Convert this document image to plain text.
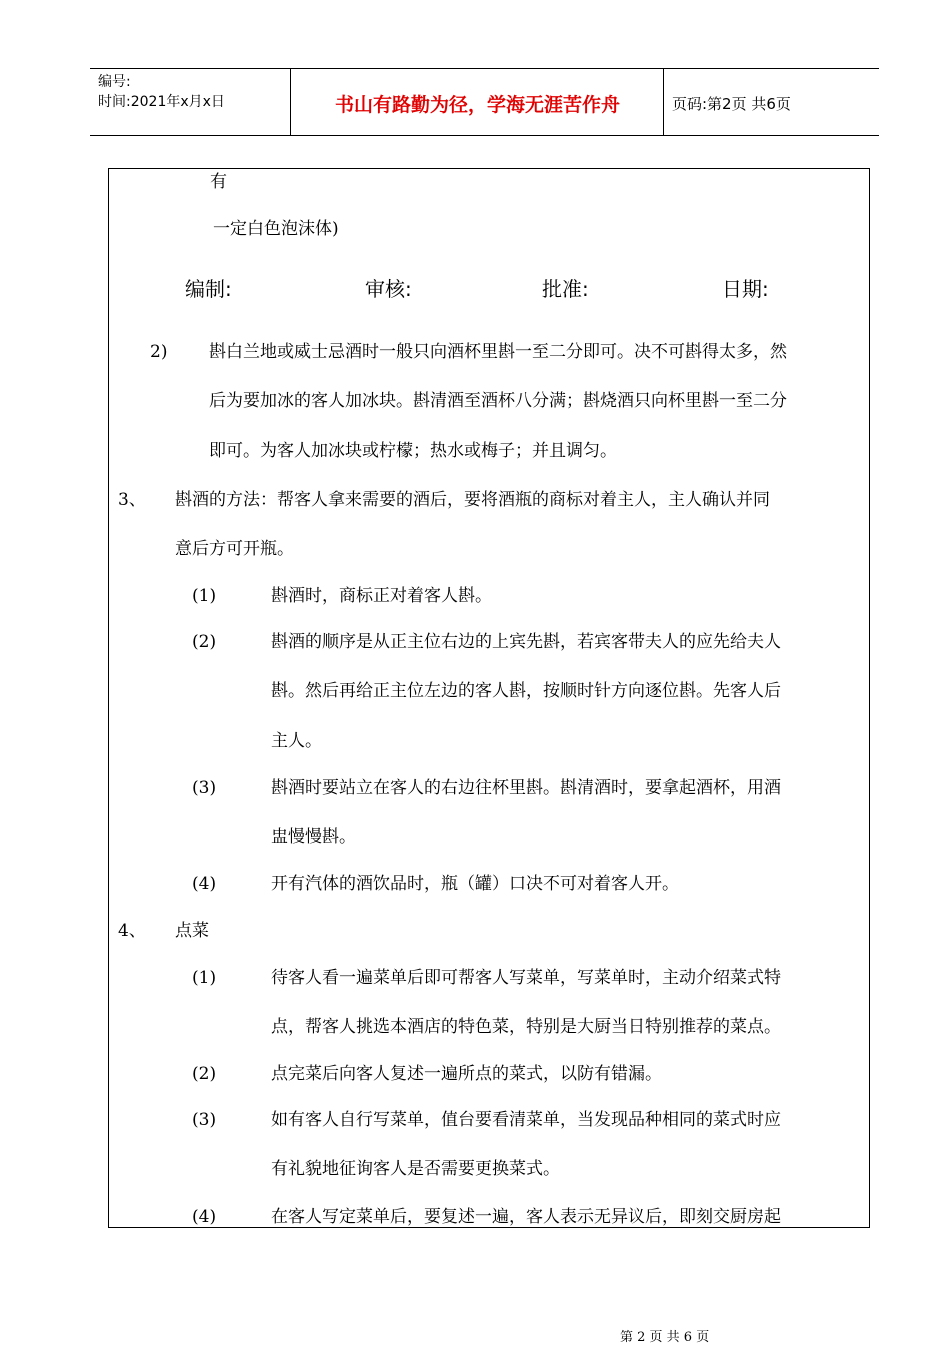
编号:
时间:2021年x月x日	书山有路勤为径，学海无涯苦作舟	页码:第2页 共6页
有
一定白色泡沫体)
编制:	审核:	批准:	日期:
2) 斟白兰地或威士忌酒时一般只向酒杯里斟一至二分即可。决不可斟得太多，然
后为要加冰的客人加冰块。斟清酒至酒杯八分满；斟烧酒只向杯里斟一至二分
即可。为客人加冰块或柠檬；热水或梅子；并且调匀。
3、 斟酒的方法：帮客人拿来需要的酒后，要将酒瓶的商标对着主人，主人确认并同
意后方可开瓶。
(1)	斟酒时，商标正对着客人斟。
(2)	斟酒的顺序是从正主位右边的上宾先斟，若宾客带夫人的应先给夫人
斟。然后再给正主位左边的客人斟，按顺时针方向逐位斟。先客人后
主人。
(3)	斟酒时要站立在客人的右边往杯里斟。斟清酒时，要拿起酒杯，用酒
盅慢慢斟。
(4)	开有汽体的酒饮品时，瓶（罐）口决不可对着客人开。
4、 点菜
(1)	待客人看一遍菜单后即可帮客人写菜单，写菜单时，主动介绍菜式特
点，帮客人挑选本酒店的特色菜，特别是大厨当日特别推荐的菜点。
(2)	点完菜后向客人复述一遍所点的菜式，以防有错漏。
(3)	如有客人自行写菜单，值台要看清菜单，当发现品种相同的菜式时应
有礼貌地征询客人是否需要更换菜式。
(4)	在客人写定菜单后，要复述一遍，客人表示无异议后，即刻交厨房起
第 2 页 共 6 页
